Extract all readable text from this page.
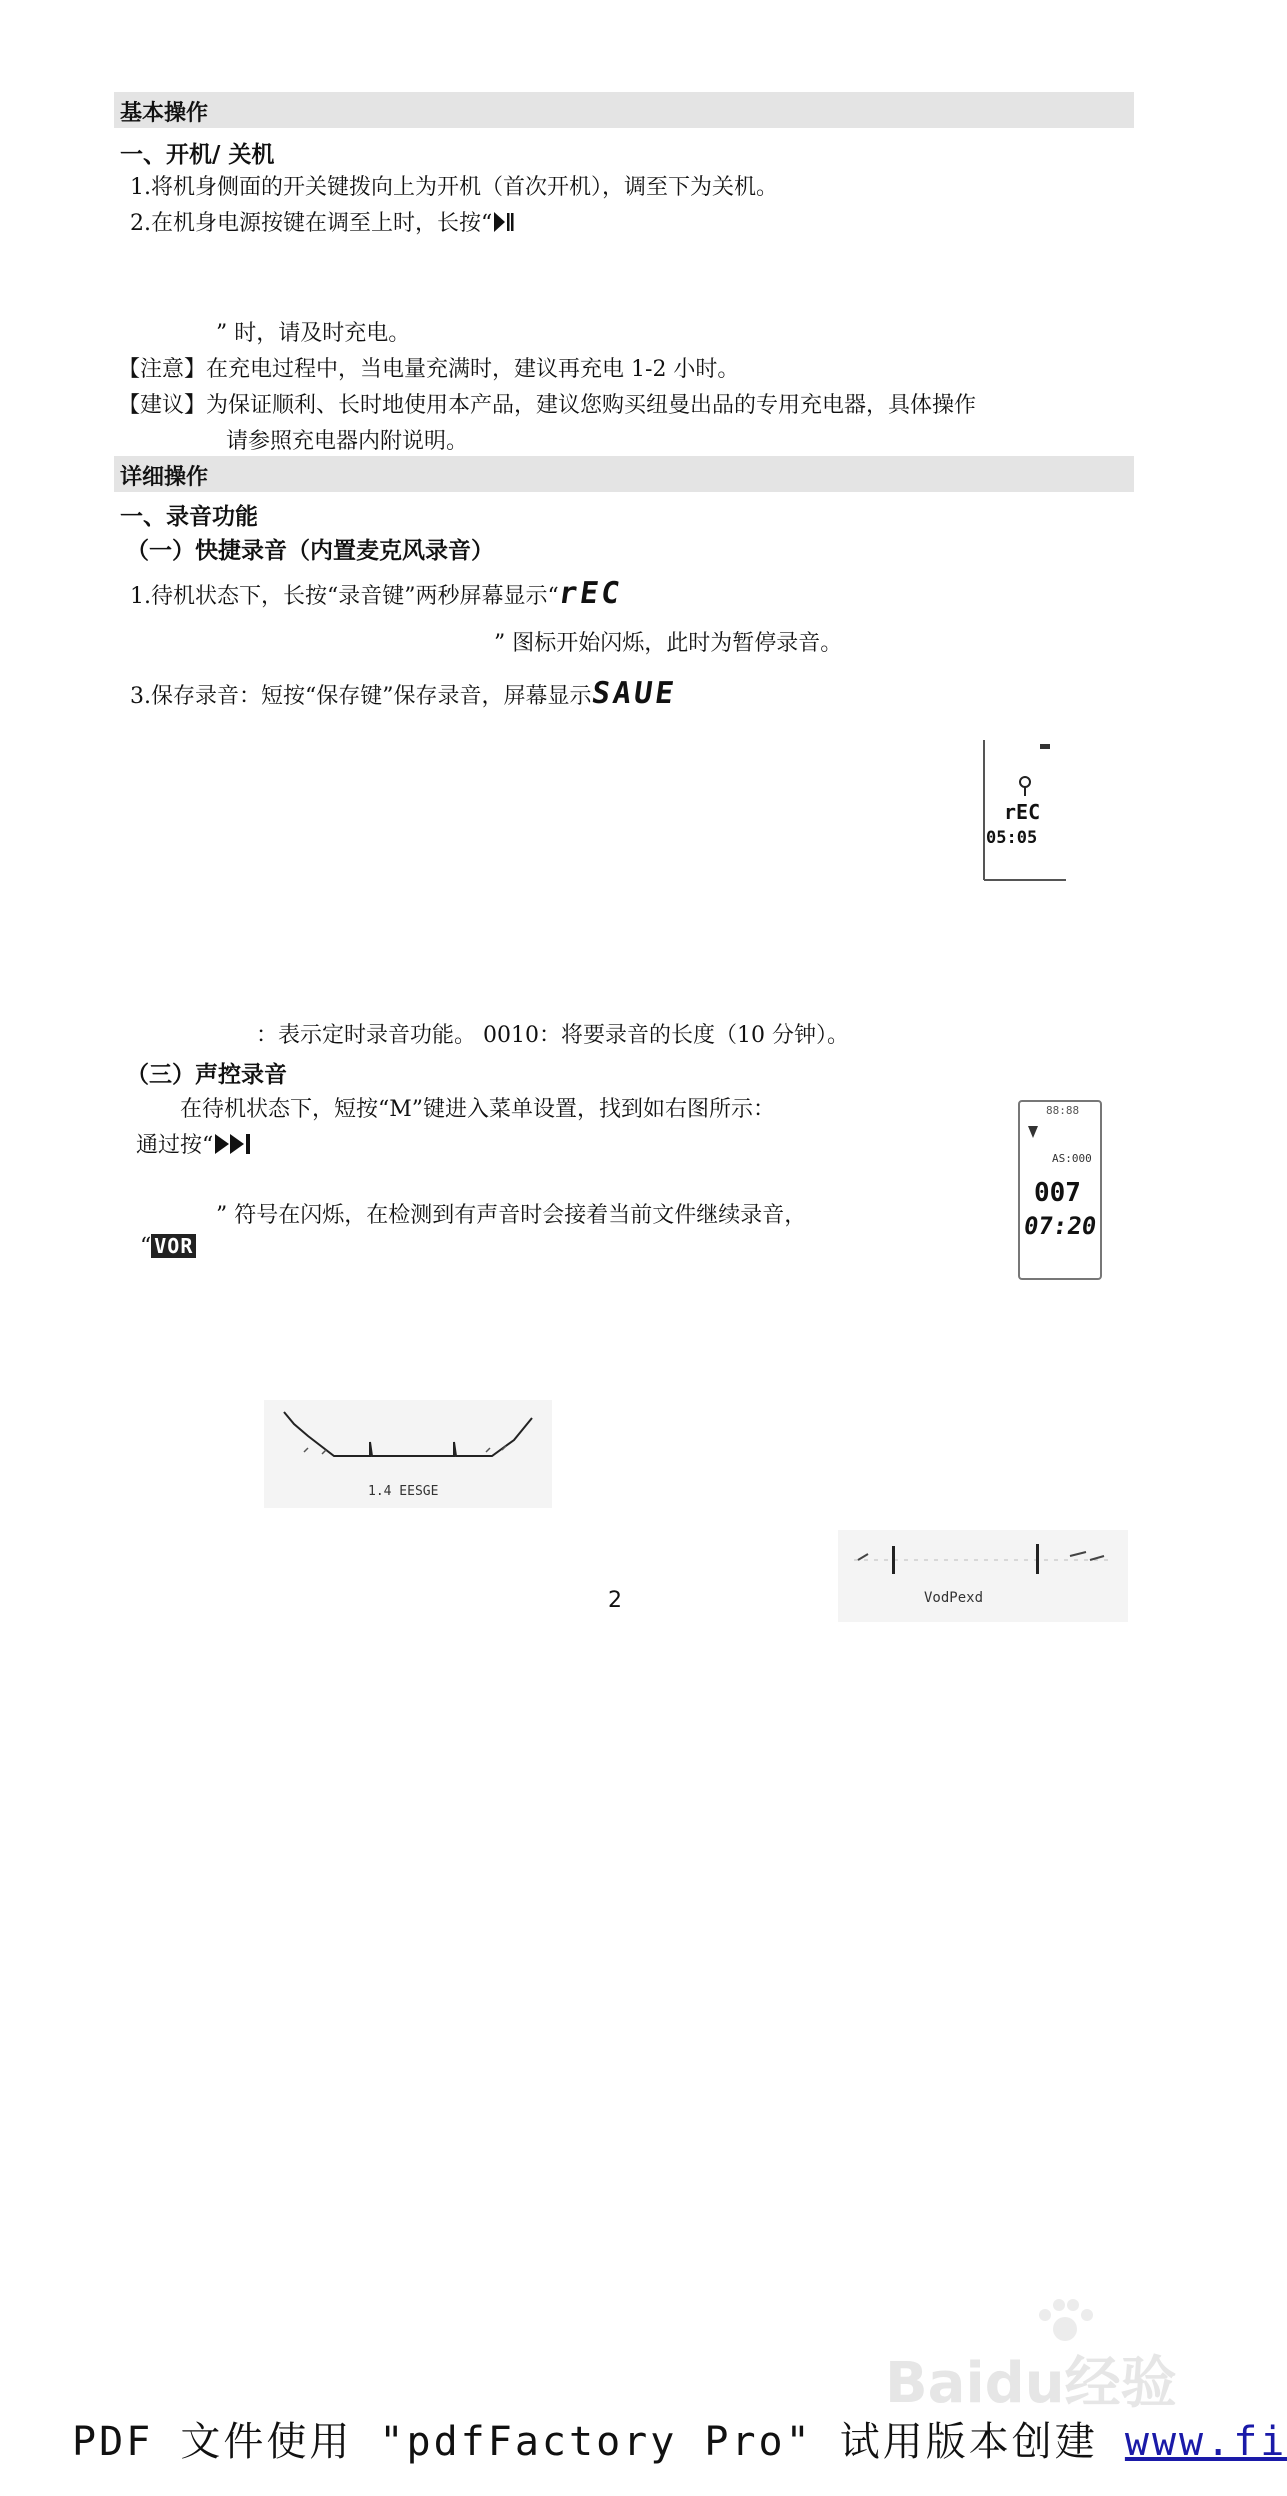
基本操作
一、开机/ 关机
1.将机身侧面的开关键拨向上为开机（首次开机），调至下为关机。
2.在机身电源按键在调至上时，长按“
” 时，请及时充电。
【注意】在充电过程中，当电量充满时，建议再充电 1-2 小时。
【建议】为保证顺利、长时地使用本产品，建议您购买纽曼出品的专用充电器，具体操作
请参照充电器内附说明。
详细操作
一、录音功能
（一）快捷录音（内置麦克风录音）
1.待机状态下，长按“录音键”两秒屏幕显示“rEC
” 图标开始闪烁，此时为暂停录音。
3.保存录音：短按“保存键”保存录音，屏幕显示SAUE
rEC
05:05
：表示定时录音功能。 0010：将要录音的长度（10 分钟）。
（三）声控录音
在待机状态下，短按“M”键进入菜单设置，找到如右图所示：
通过按“
” 符号在闪烁，在检测到有声音时会接着当前文件继续录音，
“ VOR
88:88
AS:000
007
07:20
1.4 EESGE
VodPexd
2
Baidu经验
PDF 文件使用 "pdfFactory Pro" 试用版本创建 www.fi
